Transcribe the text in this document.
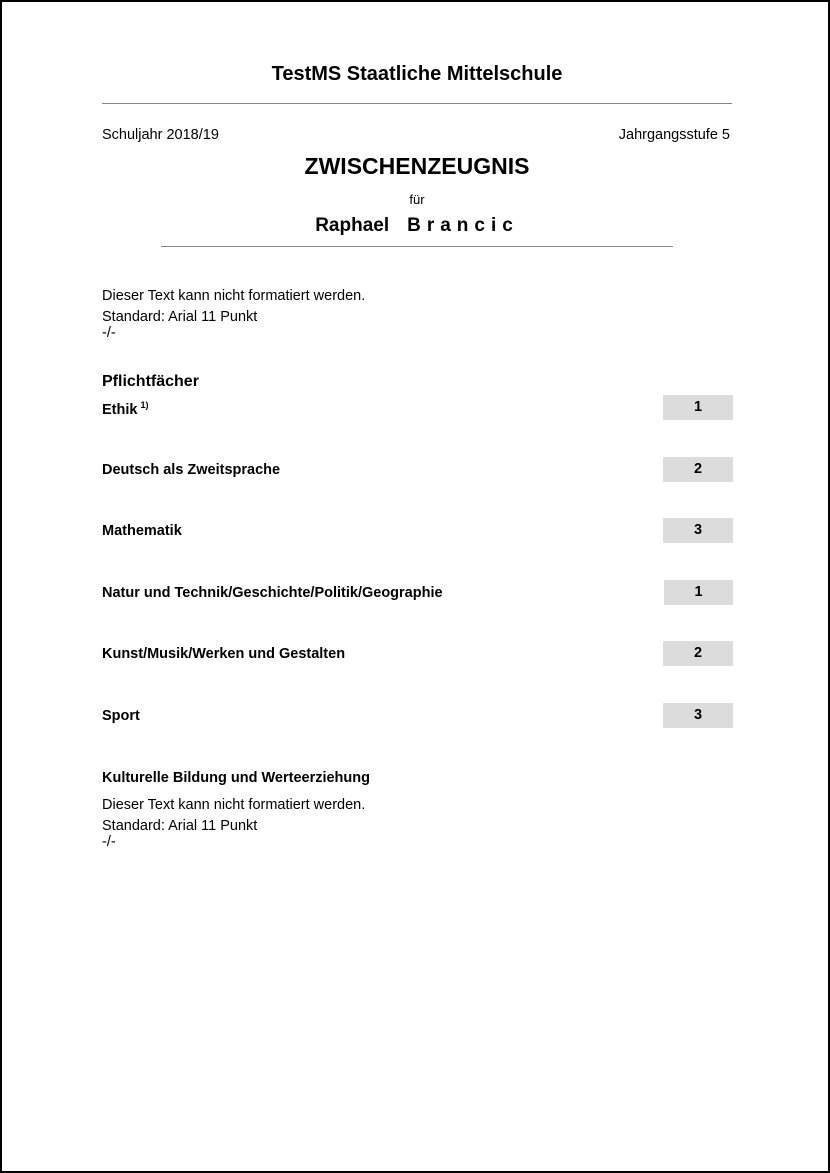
TestMS Staatliche Mittelschule
Schuljahr 2018/19	Jahrgangsstufe 5
ZWISCHENZEUGNIS
für
Raphael Brancic
Dieser Text kann nicht formatiert werden.
Standard: Arial 11 Punkt
-/-
Pflichtfächer
Ethik $^{1)}$	1
Deutsch als Zweitsprache	2
Mathematik	3
Natur und Technik/Geschichte/Politik/Geographie	1
Kunst/Musik/Werken und Gestalten	2
Sport	3
Kulturelle Bildung und Werteerziehung
Dieser Text kann nicht formatiert werden.
Standard: Arial 11 Punkt
-/-
